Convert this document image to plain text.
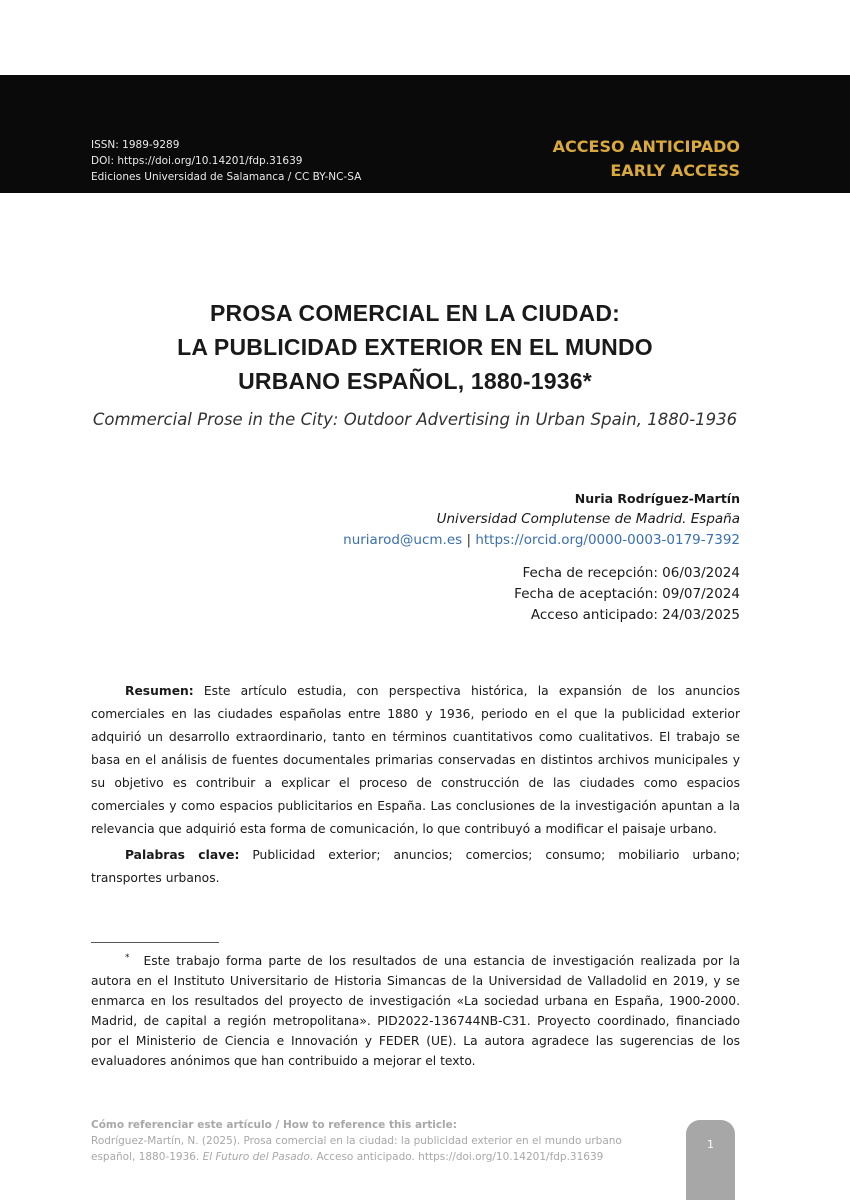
ISSN: 1989-9289
DOI: https://doi.org/10.14201/fdp.31639
Ediciones Universidad de Salamanca / CC BY-NC-SA
ACCESO ANTICIPADO
EARLY ACCESS
PROSA COMERCIAL EN LA CIUDAD:
LA PUBLICIDAD EXTERIOR EN EL MUNDO
URBANO ESPAÑOL, 1880-1936*
Commercial Prose in the City: Outdoor Advertising in Urban Spain, 1880-1936
Nuria Rodríguez-Martín
Universidad Complutense de Madrid. España
nuriarod@ucm.es | https://orcid.org/0000-0003-0179-7392
Fecha de recepción: 06/03/2024
Fecha de aceptación: 09/07/2024
Acceso anticipado: 24/03/2025

Resumen: Este artículo estudia, con perspectiva histórica, la expansión de los anuncios comerciales en las ciudades españolas entre 1880 y 1936, periodo en el que la publicidad exterior adquirió un desarrollo extraordinario, tanto en términos cuantitativos como cualitativos. El trabajo se basa en el análisis de fuentes documentales primarias conservadas en distintos archivos municipales y su objetivo es contribuir a explicar el proceso de construcción de las ciudades como espacios comerciales y como espacios publicitarios en España. Las conclusiones de la investigación apuntan a la relevancia que adquirió esta forma de comunicación, lo que contribuyó a modificar el paisaje urbano.

Palabras clave: Publicidad exterior; anuncios; comercios; consumo; mobiliario urbano; transportes urbanos.

* Este trabajo forma parte de los resultados de una estancia de investigación realizada por la autora en el Instituto Universitario de Historia Simancas de la Universidad de Valladolid en 2019, y se enmarca en los resultados del proyecto de investigación «La sociedad urbana en España, 1900-2000. Madrid, de capital a región metropolitana». PID2022-136744NB-C31. Proyecto coordinado, financiado por el Ministerio de Ciencia e Innovación y FEDER (UE). La autora agradece las sugerencias de los evaluadores anónimos que han contribuido a mejorar el texto.
Cómo referenciar este artículo / How to reference this article:
Rodríguez-Martín, N. (2025). Prosa comercial en la ciudad: la publicidad exterior en el mundo urbano
español, 1880-1936. El Futuro del Pasado. Acceso anticipado. https://doi.org/10.14201/fdp.31639
1
